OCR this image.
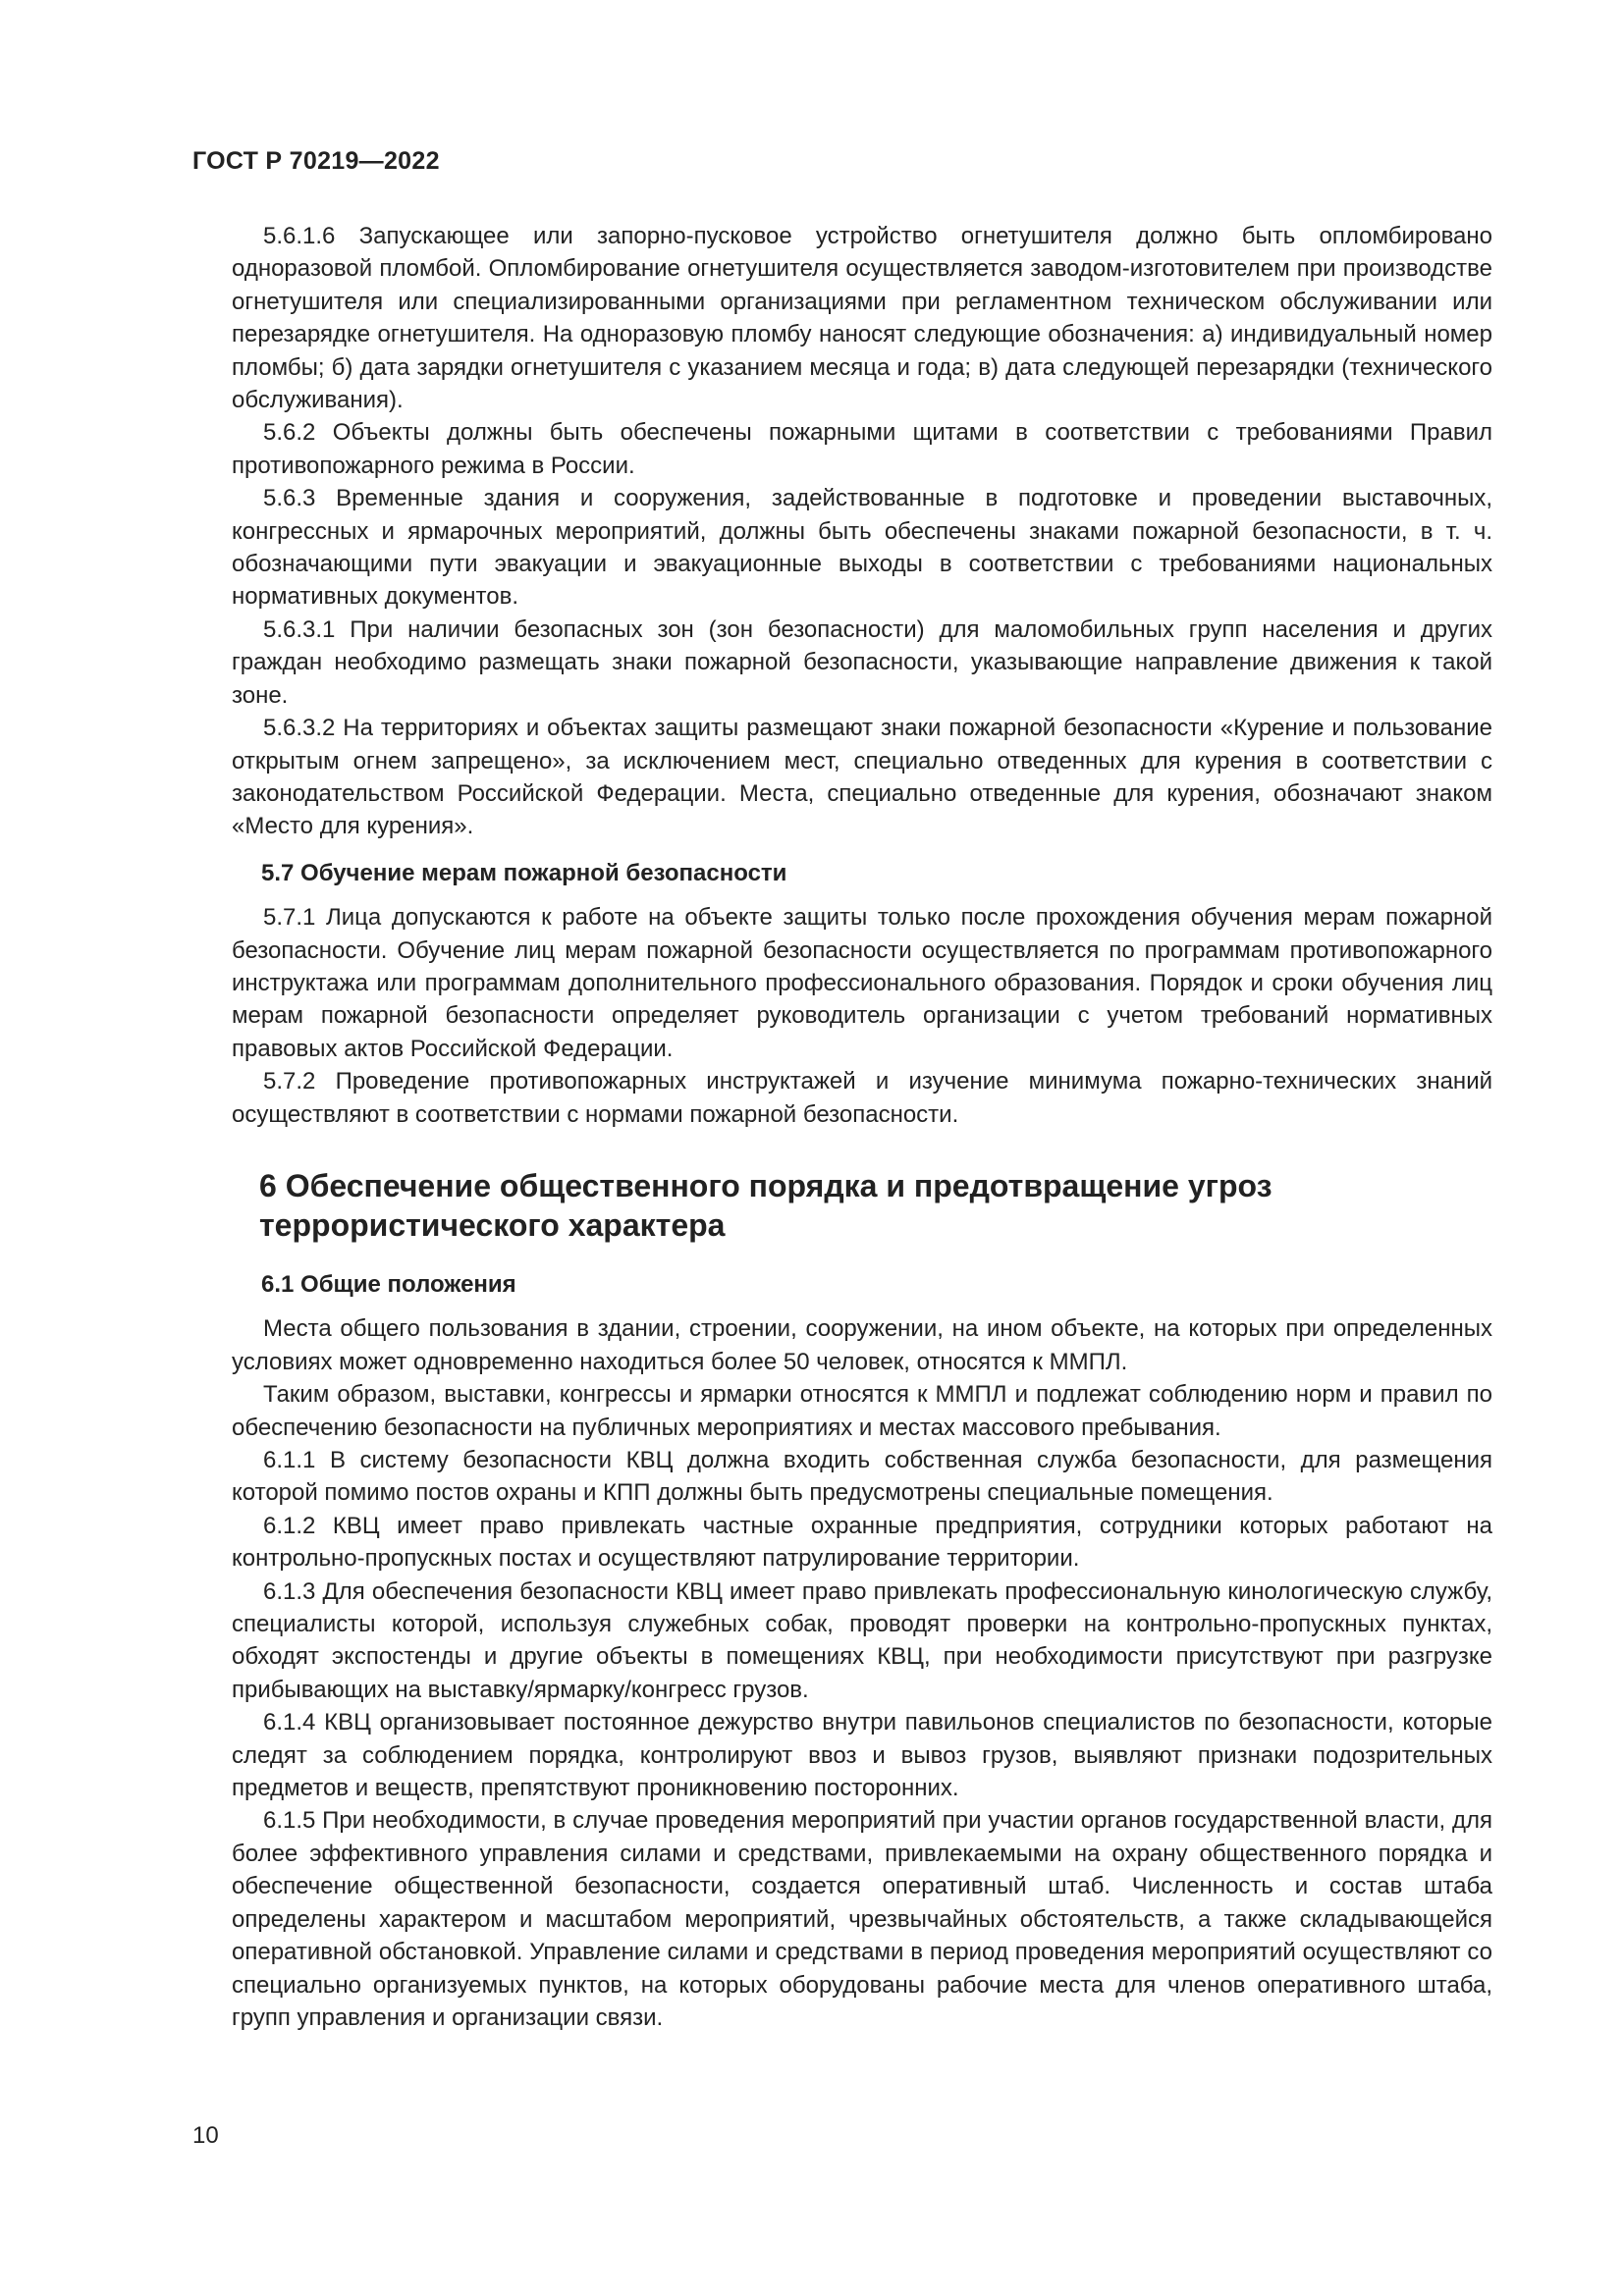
ГОСТ Р 70219—2022

5.6.1.6 Запускающее или запорно-пусковое устройство огнетушителя должно быть опломбировано одноразовой пломбой. Опломбирование огнетушителя осуществляется заводом-изготовителем при производстве огнетушителя или специализированными организациями при регламентном техническом обслуживании или перезарядке огнетушителя. На одноразовую пломбу наносят следующие обозначения: а) индивидуальный номер пломбы; б) дата зарядки огнетушителя с указанием месяца и года; в) дата следующей перезарядки (технического обслуживания).

5.6.2 Объекты должны быть обеспечены пожарными щитами в соответствии с требованиями Правил противопожарного режима в России.

5.6.3 Временные здания и сооружения, задействованные в подготовке и проведении выставочных, конгрессных и ярмарочных мероприятий, должны быть обеспечены знаками пожарной безопасности, в т. ч. обозначающими пути эвакуации и эвакуационные выходы в соответствии с требованиями национальных нормативных документов.

5.6.3.1 При наличии безопасных зон (зон безопасности) для маломобильных групп населения и других граждан необходимо размещать знаки пожарной безопасности, указывающие направление движения к такой зоне.

5.6.3.2 На территориях и объектах защиты размещают знаки пожарной безопасности «Курение и пользование открытым огнем запрещено», за исключением мест, специально отведенных для курения в соответствии с законодательством Российской Федерации. Места, специально отведенные для курения, обозначают знаком «Место для курения».

5.7 Обучение мерам пожарной безопасности

5.7.1 Лица допускаются к работе на объекте защиты только после прохождения обучения мерам пожарной безопасности. Обучение лиц мерам пожарной безопасности осуществляется по программам противопожарного инструктажа или программам дополнительного профессионального образования. Порядок и сроки обучения лиц мерам пожарной безопасности определяет руководитель организации с учетом требований нормативных правовых актов Российской Федерации.

5.7.2 Проведение противопожарных инструктажей и изучение минимума пожарно-технических знаний осуществляют в соответствии с нормами пожарной безопасности.

6 Обеспечение общественного порядка и предотвращение угроз террористического характера
6.1 Общие положения

Места общего пользования в здании, строении, сооружении, на ином объекте, на которых при определенных условиях может одновременно находиться более 50 человек, относятся к ММПЛ.

Таким образом, выставки, конгрессы и ярмарки относятся к ММПЛ и подлежат соблюдению норм и правил по обеспечению безопасности на публичных мероприятиях и местах массового пребывания.

6.1.1 В систему безопасности КВЦ должна входить собственная служба безопасности, для размещения которой помимо постов охраны и КПП должны быть предусмотрены специальные помещения.

6.1.2 КВЦ имеет право привлекать частные охранные предприятия, сотрудники которых работают на контрольно-пропускных постах и осуществляют патрулирование территории.

6.1.3 Для обеспечения безопасности КВЦ имеет право привлекать профессиональную кинологическую службу, специалисты которой, используя служебных собак, проводят проверки на контрольно-пропускных пунктах, обходят экспостенды и другие объекты в помещениях КВЦ, при необходимости присутствуют при разгрузке прибывающих на выставку/ярмарку/конгресс грузов.

6.1.4 КВЦ организовывает постоянное дежурство внутри павильонов специалистов по безопасности, которые следят за соблюдением порядка, контролируют ввоз и вывоз грузов, выявляют признаки подозрительных предметов и веществ, препятствуют проникновению посторонних.

6.1.5 При необходимости, в случае проведения мероприятий при участии органов государственной власти, для более эффективного управления силами и средствами, привлекаемыми на охрану общественного порядка и обеспечение общественной безопасности, создается оперативный штаб. Численность и состав штаба определены характером и масштабом мероприятий, чрезвычайных обстоятельств, а также складывающейся оперативной обстановкой. Управление силами и средствами в период проведения мероприятий осуществляют со специально организуемых пунктов, на которых оборудованы рабочие места для членов оперативного штаба, групп управления и организации связи.

10
